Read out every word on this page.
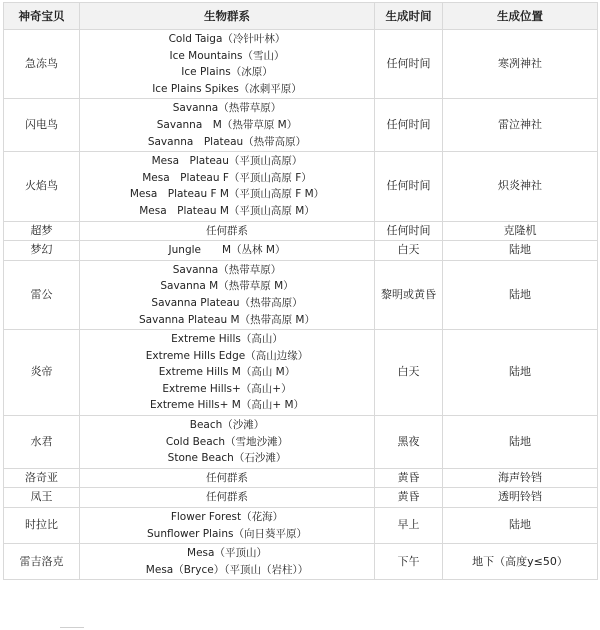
神奇宝贝	生物群系	生成时间	生成位置
急冻鸟	Cold Taiga（冷针叶林）
Ice Mountains（雪山）
Ice Plains（冰原）
Ice Plains Spikes（冰刺平原）	任何时间	寒冽神社
闪电鸟	Savanna（热带草原）
Savanna　M（热带草原 M）
Savanna　Plateau（热带高原）	任何时间	雷泣神社
火焰鸟	Mesa　Plateau（平顶山高原）
Mesa　Plateau F（平顶山高原 F）
Mesa　Plateau F M（平顶山高原 F M）
Mesa　Plateau M（平顶山高原 M）	任何时间	炽炎神社
超梦	任何群系	任何时间	克隆机
梦幻	Jungle　　M（丛林 M）	白天	陆地
雷公	Savanna（热带草原）
Savanna M（热带草原 M）
Savanna Plateau（热带高原）
Savanna Plateau M（热带高原 M）	黎明或黄昏	陆地
炎帝	Extreme Hills（高山）
Extreme Hills Edge（高山边缘）
Extreme Hills M（高山 M）
Extreme Hills+（高山+）
Extreme Hills+ M（高山+ M）	白天	陆地
水君	Beach（沙滩）
Cold Beach（雪地沙滩）
Stone Beach（石沙滩）	黑夜	陆地
洛奇亚	任何群系	黄昏	海声铃铛
凤王	任何群系	黄昏	透明铃铛
时拉比	Flower Forest（花海）
Sunflower Plains（向日葵平原）	早上	陆地
雷吉洛克	Mesa（平顶山）
Mesa（Bryce）（平顶山（岩柱））	下午	地下（高度y≤50）
